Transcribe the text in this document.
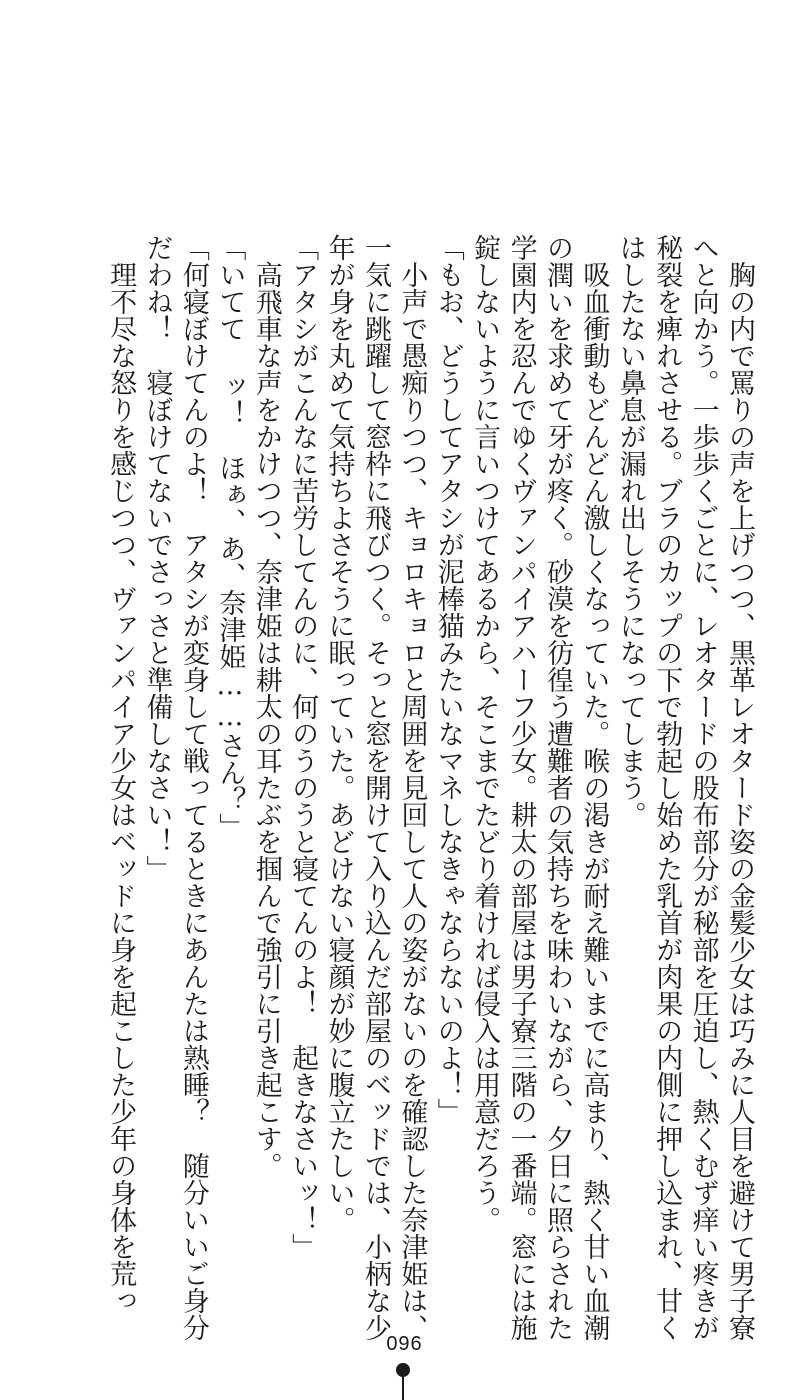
胸の内で罵りの声を上げつつ、黒革レオタード姿の金髪少女は巧みに人目を避けて男子寮へと向かう。一歩歩くごとに、レオタードの股布部分が秘部を圧迫し、熱くむず痒い疼きが秘裂を痺れさせる。ブラのカップの下で勃起し始めた乳首が肉果の内側に押し込まれ、甘くはしたない鼻息が漏れ出しそうになってしまう。

吸血衝動もどんどん激しくなっていた。喉の渇きが耐え難いまでに高まり、熱く甘い血潮の潤いを求めて牙が疼く。砂漠を彷徨う遭難者の気持ちを味わいながら、夕日に照らされた学園内を忍んでゆくヴァンパイアハーフ少女。耕太の部屋は男子寮三階の一番端。窓には施錠しないように言いつけてあるから、そこまでたどり着ければ侵入は用意だろう。

「もお、どうしてアタシが泥棒猫みたいなマネしなきゃならないのよ！」

小声で愚痴りつつ、キョロキョロと周囲を見回して人の姿がないのを確認した奈津姫は、一気に跳躍して窓枠に飛びつく。そっと窓を開けて入り込んだ部屋のベッドでは、小柄な少年が身を丸めて気持ちよさそうに眠っていた。あどけない寝顔が妙に腹立たしい。

「アタシがこんなに苦労してんのに、何のうのうと寝てんのよ！　起きなさいッ！」

高飛車な声をかけつつ、奈津姫は耕太の耳たぶを掴んで強引に引き起こす。

「いてて ッ！　ほぁ、あ、奈津姫……さん？」

「何寝ぼけてんのよ！　アタシが変身して戦ってるときにあんたは熟睡？　随分いいご身分だわね！　寝ぼけてないでさっさと準備しなさい！」

理不尽な怒りを感じつつ、ヴァンパイア少女はベッドに身を起こした少年の身体を荒っ

096
